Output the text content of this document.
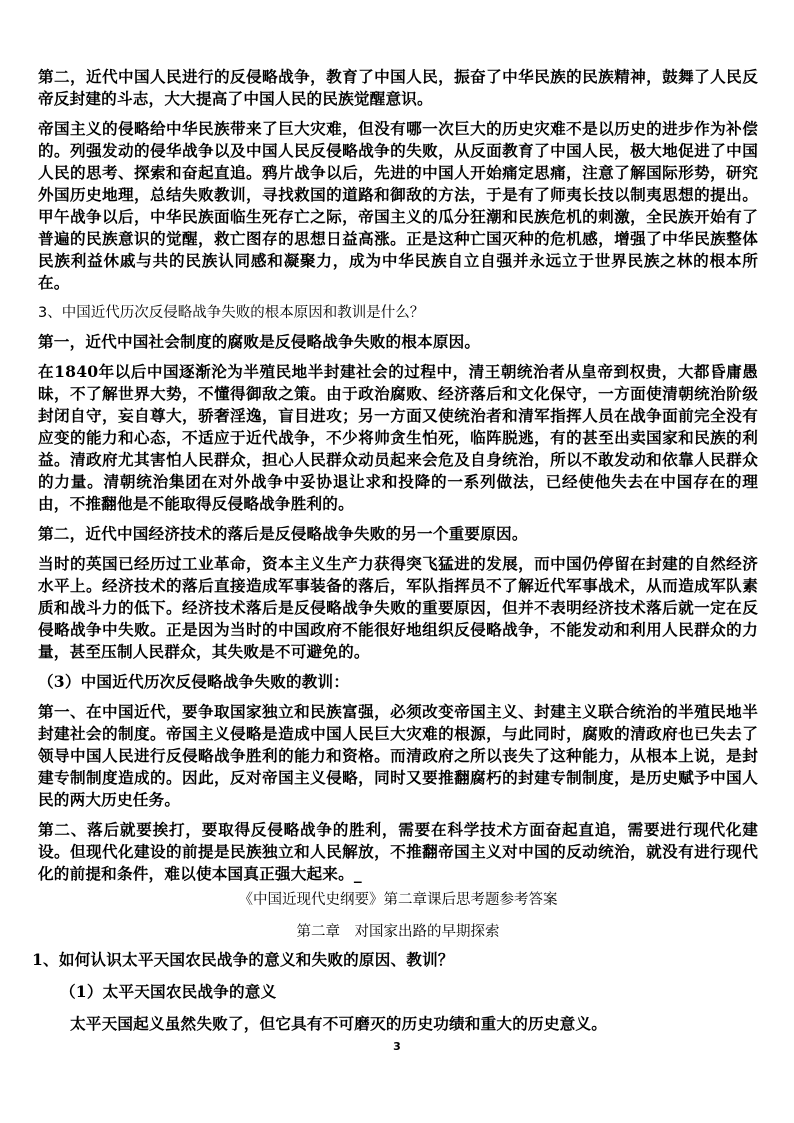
第二，近代中国人民进行的反侵略战争，教育了中国人民，振奋了中华民族的民族精神，鼓舞了人民反帝反封建的斗志，大大提高了中国人民的民族觉醒意识。

帝国主义的侵略给中华民族带来了巨大灾难，但没有哪一次巨大的历史灾难不是以历史的进步作为补偿的。列强发动的侵华战争以及中国人民反侵略战争的失败，从反面教育了中国人民，极大地促进了中国人民的思考、探索和奋起直追。鸦片战争以后，先进的中国人开始痛定思痛，注意了解国际形势，研究外国历史地理，总结失败教训，寻找救国的道路和御敌的方法，于是有了师夷长技以制夷思想的提出。甲午战争以后，中华民族面临生死存亡之际，帝国主义的瓜分狂潮和民族危机的刺激，全民族开始有了普遍的民族意识的觉醒，救亡图存的思想日益高涨。正是这种亡国灭种的危机感，增强了中华民族整体民族利益休戚与共的民族认同感和凝聚力，成为中华民族自立自强并永远立于世界民族之林的根本所在。

3、中国近代历次反侵略战争失败的根本原因和教训是什么？

第一，近代中国社会制度的腐败是反侵略战争失败的根本原因。

在1840年以后中国逐渐沦为半殖民地半封建社会的过程中，清王朝统治者从皇帝到权贵，大都昏庸愚昧，不了解世界大势，不懂得御敌之策。由于政治腐败、经济落后和文化保守，一方面使清朝统治阶级封闭自守，妄自尊大，骄奢淫逸，盲目进攻；另一方面又使统治者和清军指挥人员在战争面前完全没有应变的能力和心态，不适应于近代战争，不少将帅贪生怕死，临阵脱逃，有的甚至出卖国家和民族的利益。清政府尤其害怕人民群众，担心人民群众动员起来会危及自身统治，所以不敢发动和依靠人民群众的力量。清朝统治集团在对外战争中妥协退让求和投降的一系列做法，已经使他失去在中国存在的理由，不推翻他是不能取得反侵略战争胜利的。

第二，近代中国经济技术的落后是反侵略战争失败的另一个重要原因。

当时的英国已经历过工业革命，资本主义生产力获得突飞猛进的发展，而中国仍停留在封建的自然经济水平上。经济技术的落后直接造成军事装备的落后，军队指挥员不了解近代军事战术，从而造成军队素质和战斗力的低下。经济技术落后是反侵略战争失败的重要原因，但并不表明经济技术落后就一定在反侵略战争中失败。正是因为当时的中国政府不能很好地组织反侵略战争，不能发动和利用人民群众的力量，甚至压制人民群众，其失败是不可避免的。

（3）中国近代历次反侵略战争失败的教训：

第一、在中国近代，要争取国家独立和民族富强，必须改变帝国主义、封建主义联合统治的半殖民地半封建社会的制度。帝国主义侵略是造成中国人民巨大灾难的根源，与此同时，腐败的清政府也已失去了领导中国人民进行反侵略战争胜利的能力和资格。而清政府之所以丧失了这种能力，从根本上说，是封建专制制度造成的。因此，反对帝国主义侵略，同时又要推翻腐朽的封建专制制度，是历史赋予中国人民的两大历史任务。

第二、落后就要挨打，要取得反侵略战争的胜利，需要在科学技术方面奋起直追，需要进行现代化建设。但现代化建设的前提是民族独立和人民解放，不推翻帝国主义对中国的反动统治，就没有进行现代化的前提和条件，难以使本国真正强大起来。_

《中国近现代史纲要》第二章课后思考题参考答案

第二章　对国家出路的早期探索

1、如何认识太平天国农民战争的意义和失败的原因、教训？

（1）太平天国农民战争的意义

太平天国起义虽然失败了，但它具有不可磨灭的历史功绩和重大的历史意义。

3
